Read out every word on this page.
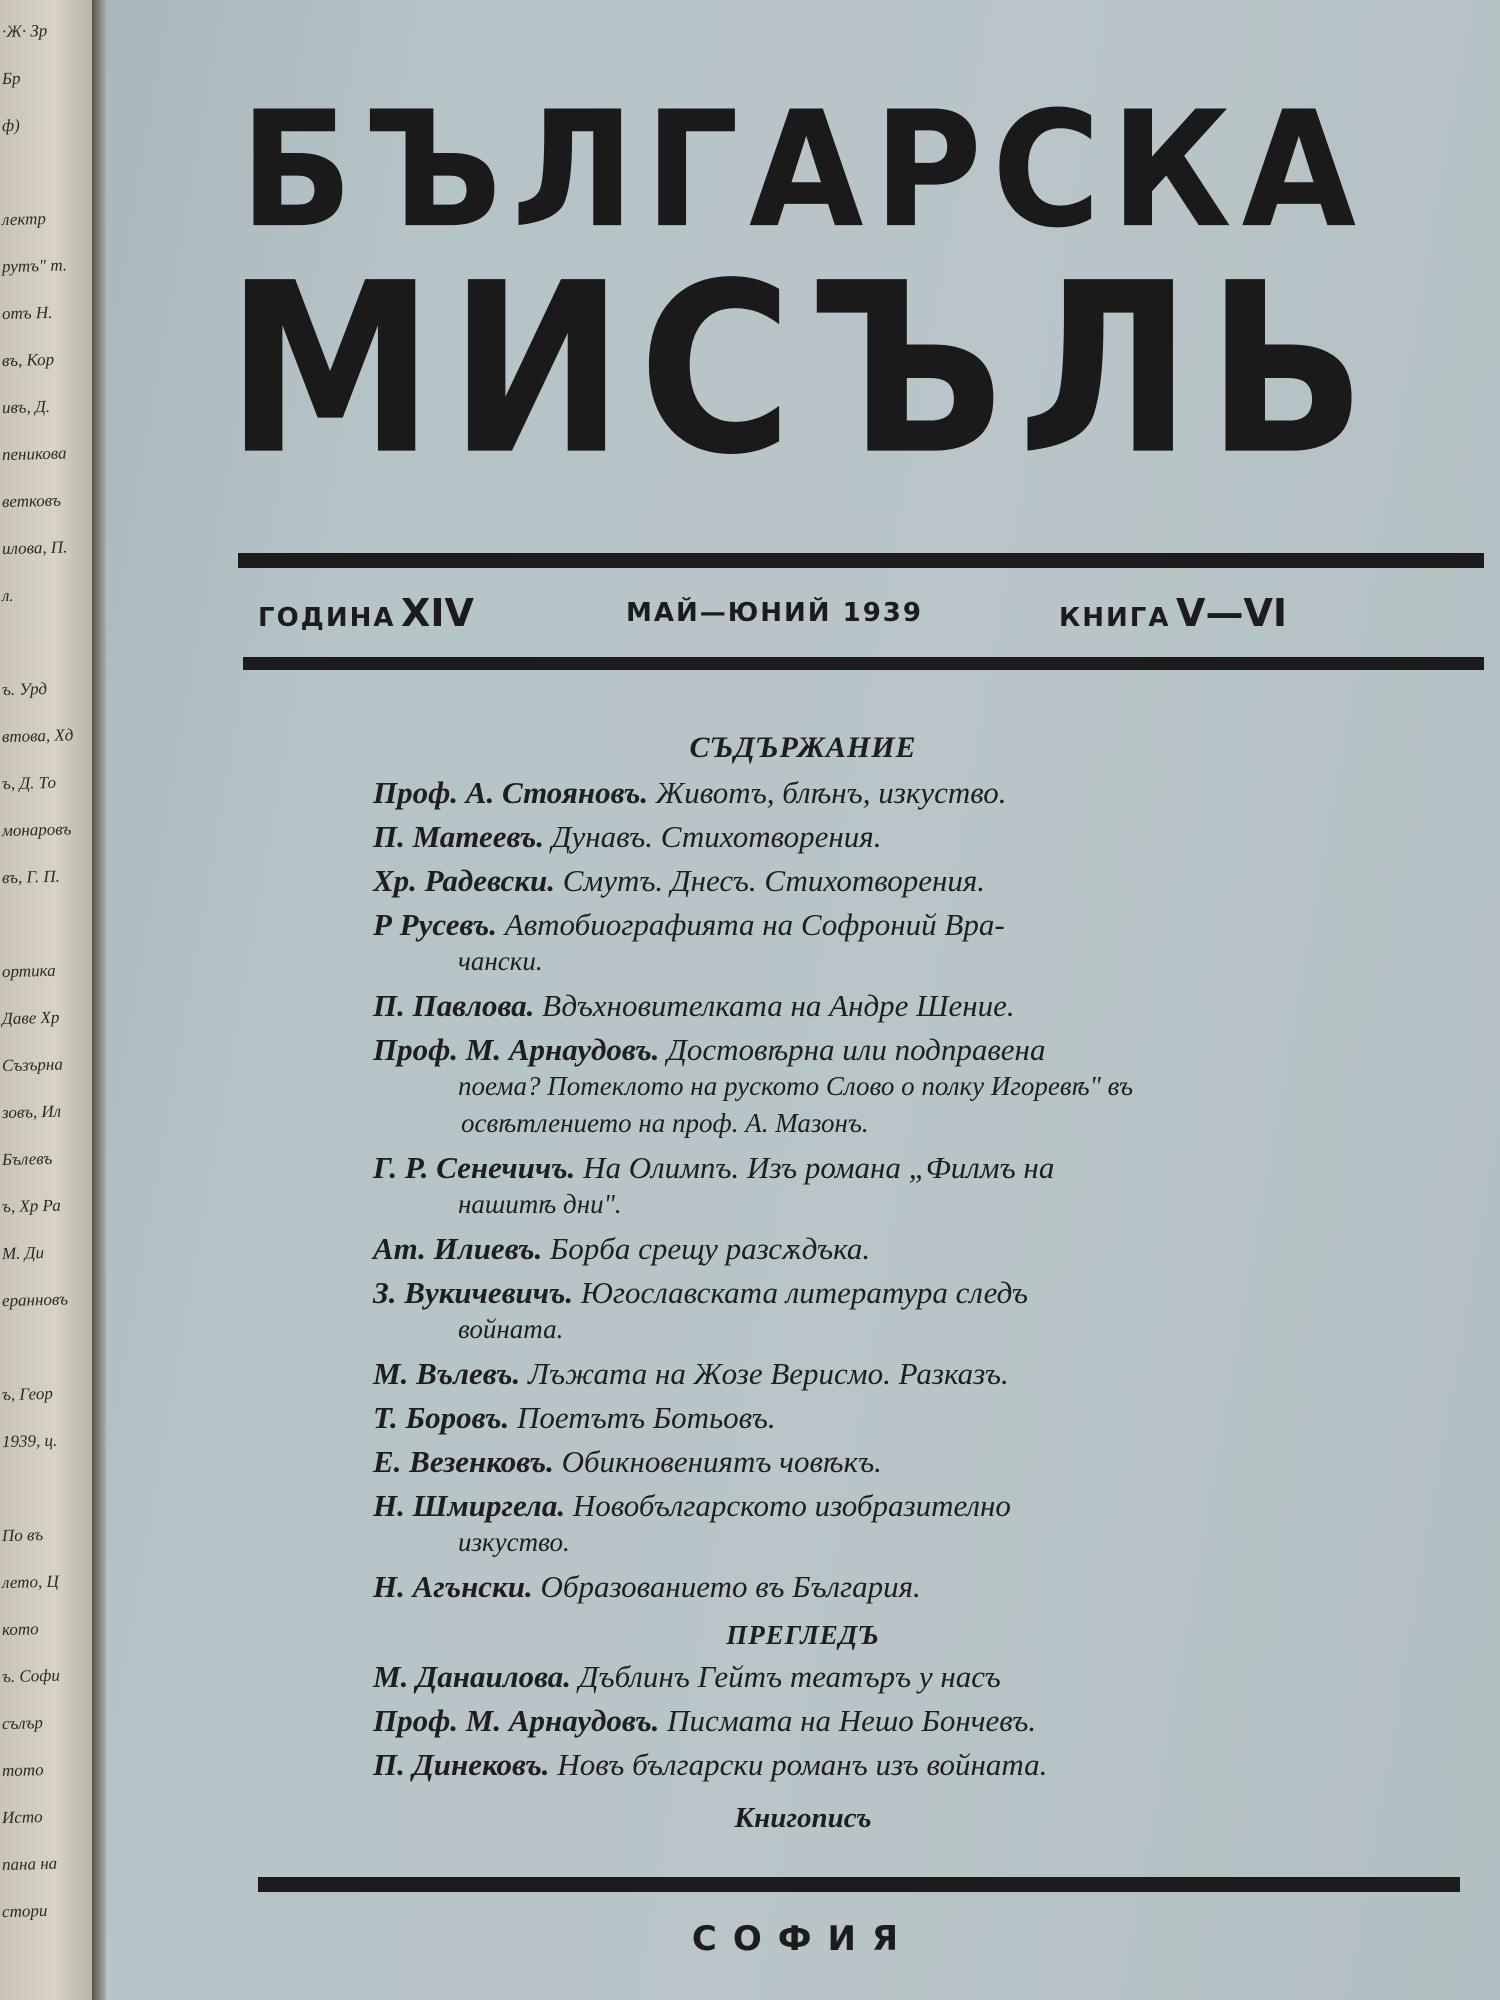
·Ж· Зр
Бр
ф)
лектр
рутъ" т.
отъ Н.
въ, Кор
ивъ, Д.
пеникова
ветковъ
илова, П.
л.
ъ. Урд
втова, Хд
ъ, Д. То
монаровъ
въ, Г. П.
ортика
Даве Хр
Съзърна
зовъ, Ил
Бълевъ
ъ, Хр Ра
М. Ди
еранновъ
ъ, Геор
1939, ц.
По въ
лето, Ц
кото
ъ. Софи
сълър
тото
Исто
пана на
стори
БЪЛГАРСКА
МИСЪЛЬ
ГОДИНА XIV	МАЙ—ЮНИЙ 1939	КНИГА V—VI
СЪДЪРЖАНИЕ
Проф. А. Стояновъ. Животъ, блѣнъ, изкуство.
П. Матеевъ. Дунавъ. Стихотворения.
Хр. Радевски. Смутъ. Днесъ. Стихотворения.
Р Русевъ. Автобиографията на Софроний Вра-
чански.
П. Павлова. Вдъхновителката на Андре Шение.
Проф. М. Арнаудовъ. Достовѣрна или подправена
поема? Потеклото на руското Слово о полку Игоревѣ" въ освѣтлението на проф. А. Мазонъ.
Г. Р. Сенечичъ. На Олимпъ. Изъ романа „Филмъ на
нашитѣ дни".
Ат. Илиевъ. Борба срещу разсѫдъка.
З. Вукичевичъ. Югославската литература следъ
войната.
М. Вълевъ. Лъжата на Жозе Верисмо. Разказъ.
Т. Боровъ. Поетътъ Ботьовъ.
Е. Везенковъ. Обикновениятъ човѣкъ.
Н. Шмиргела. Новобългарското изобразително
изкуство.
Н. Агънски. Образованието въ България.
ПРЕГЛЕДЪ
М. Данаилова. Дъблинъ Гейтъ театъръ у насъ
Проф. М. Арнаудовъ. Писмата на Нешо Бончевъ.
П. Динековъ. Новъ български романъ изъ войната.

Книгописъ

СОФИЯ
